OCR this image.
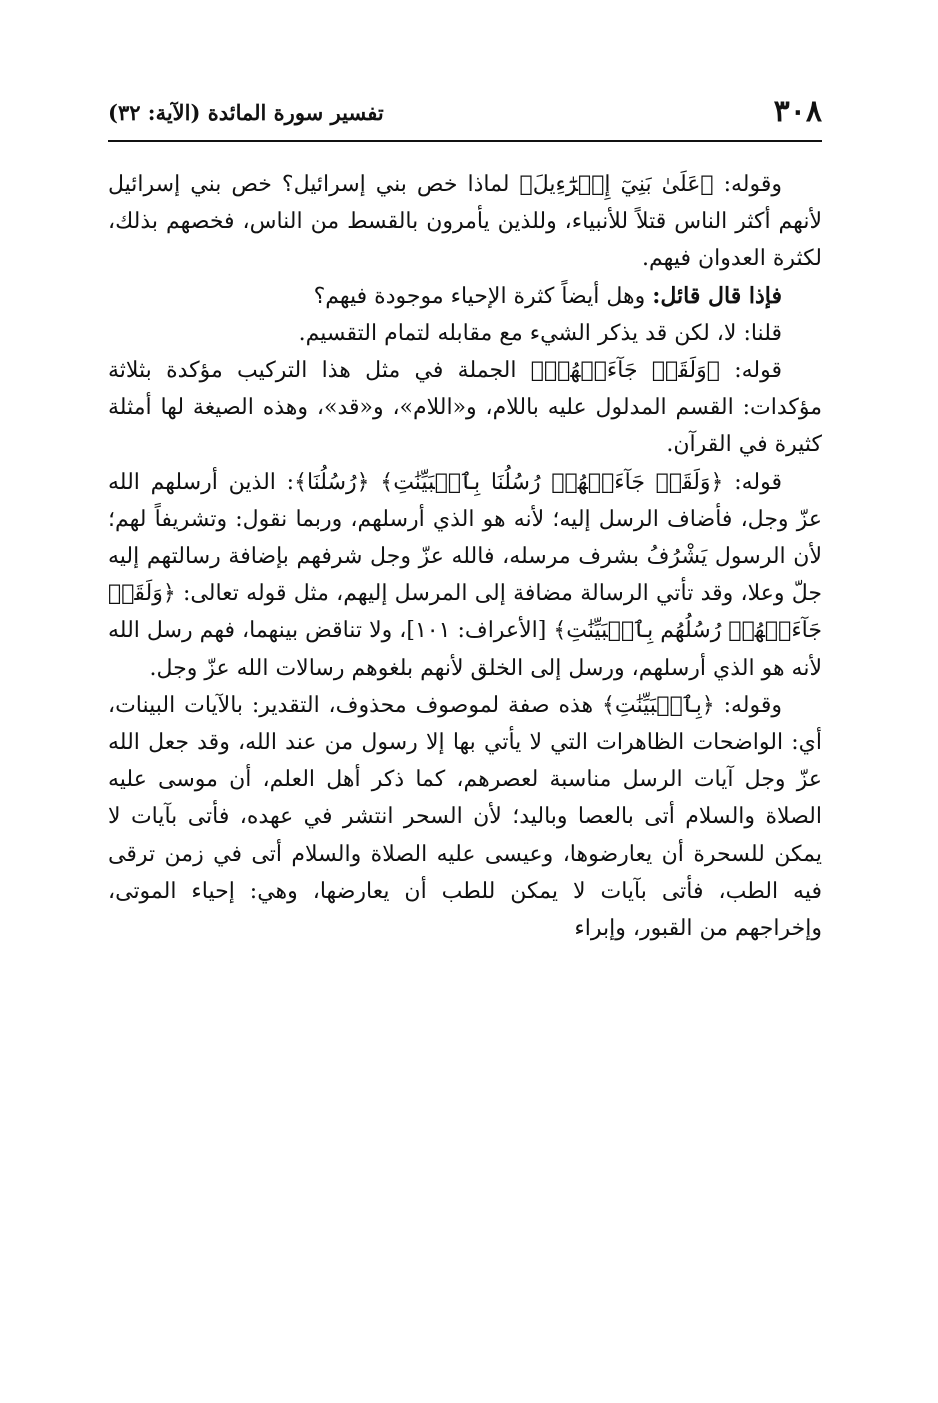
٣٠٨
تفسير سورة المائدة (الآية: ٣٢)

وقوله: ﴿عَلَىٰ بَنِيٓ إِسۡرَٰٓءِيلَ﴾ لماذا خص بني إسرائيل؟ خص بني إسرائيل لأنهم أكثر الناس قتلاً للأنبياء، وللذين يأمرون بالقسط من الناس، فخصهم بذلك، لكثرة العدوان فيهم.

فإذا قال قائل: وهل أيضاً كثرة الإحياء موجودة فيهم؟

قلنا: لا، لكن قد يذكر الشيء مع مقابله لتمام التقسيم.

قوله: ﴿وَلَقَدۡ جَآءَتۡهُمۡ﴾ الجملة في مثل هذا التركيب مؤكدة بثلاثة مؤكدات: القسم المدلول عليه باللام، و«اللام»، و«قد»، وهذه الصيغة لها أمثلة كثيرة في القرآن.

قوله: ﴿وَلَقَدۡ جَآءَتۡهُمۡ رُسُلُنَا بِٱلۡبَيِّنَٰتِ﴾ ﴿رُسُلُنَا﴾: الذين أرسلهم الله عزّ وجل، فأضاف الرسل إليه؛ لأنه هو الذي أرسلهم، وربما نقول: وتشريفاً لهم؛ لأن الرسول يَشْرُفُ بشرف مرسله، فالله عزّ وجل شرفهم بإضافة رسالتهم إليه جلّ وعلا، وقد تأتي الرسالة مضافة إلى المرسل إليهم، مثل قوله تعالى: ﴿وَلَقَدۡ جَآءَتۡهُمۡ رُسُلُهُم بِٱلۡبَيِّنَٰتِ﴾ [الأعراف: ١٠١]، ولا تناقض بينهما، فهم رسل الله لأنه هو الذي أرسلهم، ورسل إلى الخلق لأنهم بلغوهم رسالات الله عزّ وجل.

وقوله: ﴿بِٱلۡبَيِّنَٰتِ﴾ هذه صفة لموصوف محذوف، التقدير: بالآيات البينات، أي: الواضحات الظاهرات التي لا يأتي بها إلا رسول من عند الله، وقد جعل الله عزّ وجل آيات الرسل مناسبة لعصرهم، كما ذكر أهل العلم، أن موسى عليه الصلاة والسلام أتى بالعصا وباليد؛ لأن السحر انتشر في عهده، فأتى بآيات لا يمكن للسحرة أن يعارضوها، وعيسى عليه الصلاة والسلام أتى في زمن ترقى فيه الطب، فأتى بآيات لا يمكن للطب أن يعارضها، وهي: إحياء الموتى، وإخراجهم من القبور، وإبراء
